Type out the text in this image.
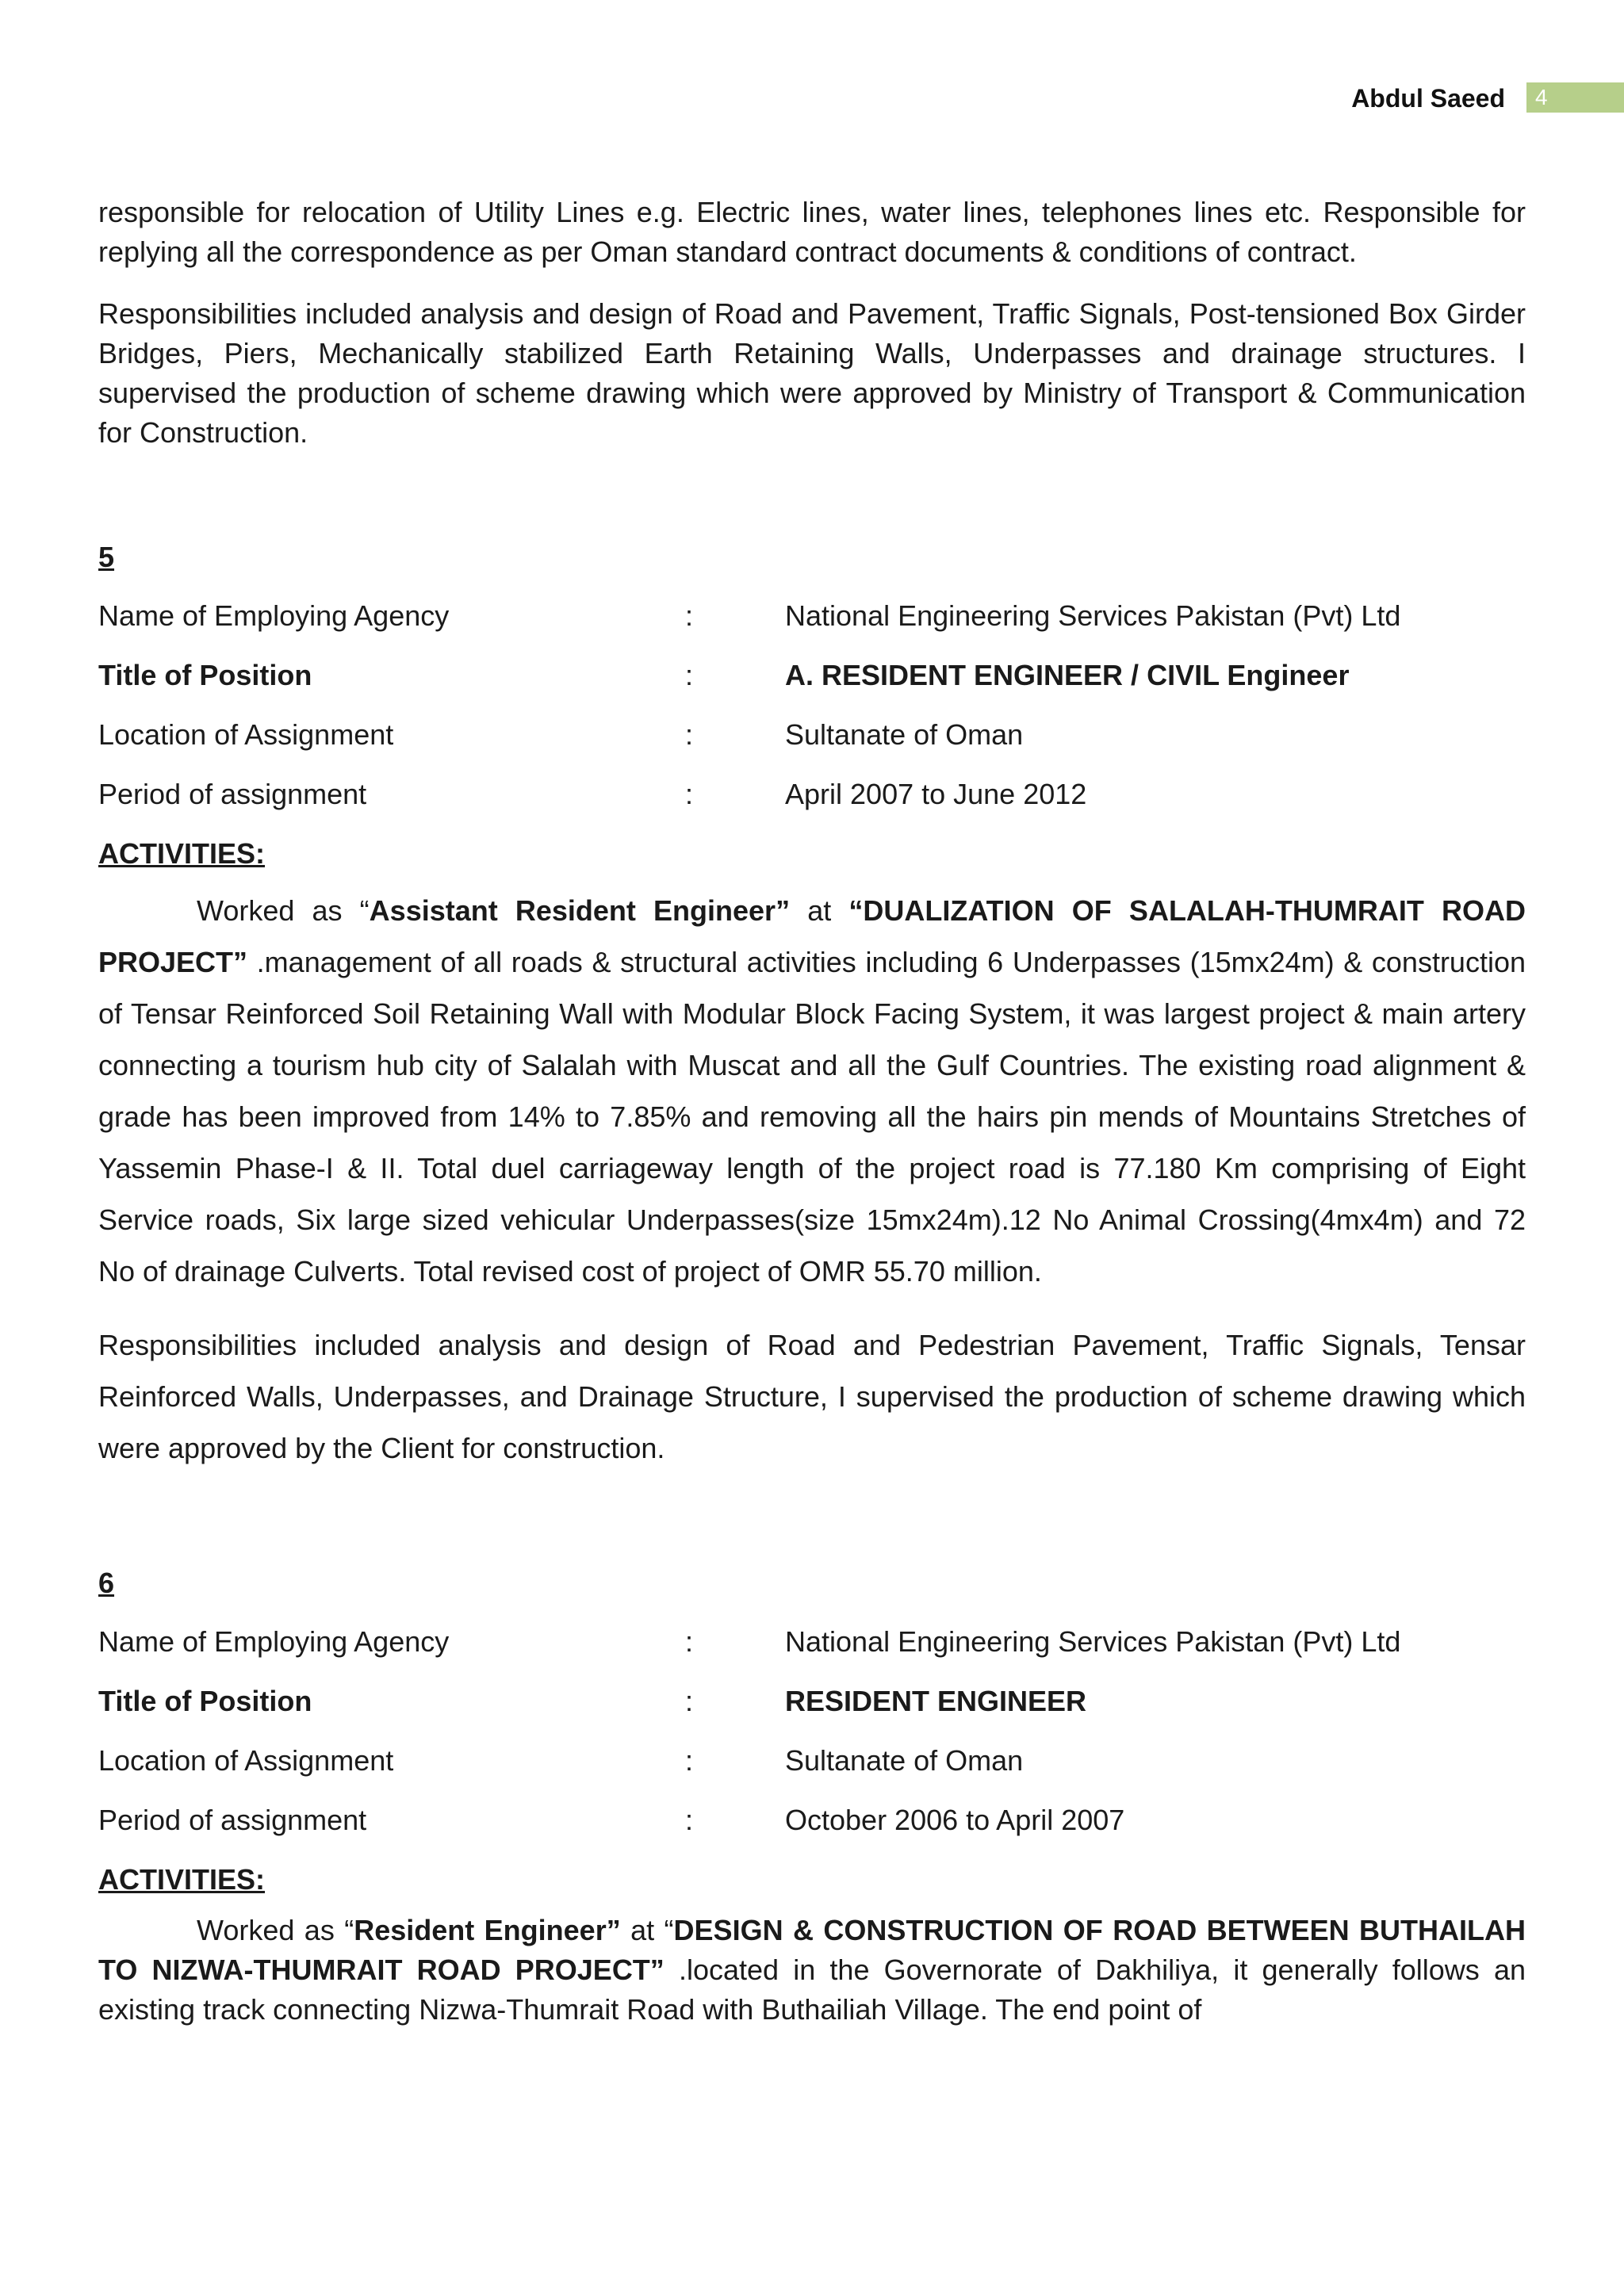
Abdul Saeed	4

responsible for relocation of Utility Lines e.g. Electric lines, water lines, telephones lines etc. Responsible for replying all the correspondence as per Oman standard contract documents & conditions of contract.

Responsibilities included analysis and design of Road and Pavement, Traffic Signals, Post-tensioned Box Girder Bridges, Piers, Mechanically stabilized Earth Retaining Walls, Underpasses and drainage structures. I supervised the production of scheme drawing which were approved by Ministry of Transport & Communication for Construction.

5

Name of Employing Agency	:	National Engineering Services Pakistan (Pvt) Ltd
Title of Position	:	A. RESIDENT ENGINEER / CIVIL Engineer
Location of Assignment	:	Sultanate of Oman
Period of assignment	:	April 2007 to June 2012

ACTIVITIES:

Worked as “Assistant Resident Engineer” at “DUALIZATION OF SALALAH-THUMRAIT ROAD PROJECT” .management of all roads & structural activities including 6 Underpasses (15mx24m) & construction of Tensar Reinforced Soil Retaining Wall with Modular Block Facing System, it was largest project & main artery connecting a tourism hub city of Salalah with Muscat and all the Gulf Countries. The existing road alignment & grade has been improved from 14% to 7.85% and removing all the hairs pin mends of Mountains Stretches of Yassemin Phase-I & II. Total duel carriageway length of the project road is 77.180 Km comprising of Eight Service roads, Six large sized vehicular Underpasses(size 15mx24m).12 No Animal Crossing(4mx4m) and 72 No of drainage Culverts. Total revised cost of project of OMR 55.70 million.

Responsibilities included analysis and design of Road and Pedestrian Pavement, Traffic Signals, Tensar Reinforced Walls, Underpasses, and Drainage Structure, I supervised the production of scheme drawing which were approved by the Client for construction.

6

Name of Employing Agency	:	National Engineering Services Pakistan (Pvt) Ltd
Title of Position	:	RESIDENT ENGINEER
Location of Assignment	:	Sultanate of Oman
Period of assignment	:	October 2006 to April 2007

ACTIVITIES:

Worked as “Resident Engineer” at “DESIGN & CONSTRUCTION OF ROAD BETWEEN BUTHAILAH TO NIZWA-THUMRAIT ROAD PROJECT” .located in the Governorate of Dakhiliya, it generally follows an existing track connecting Nizwa-Thumrait Road with Buthailiah Village. The end point of
